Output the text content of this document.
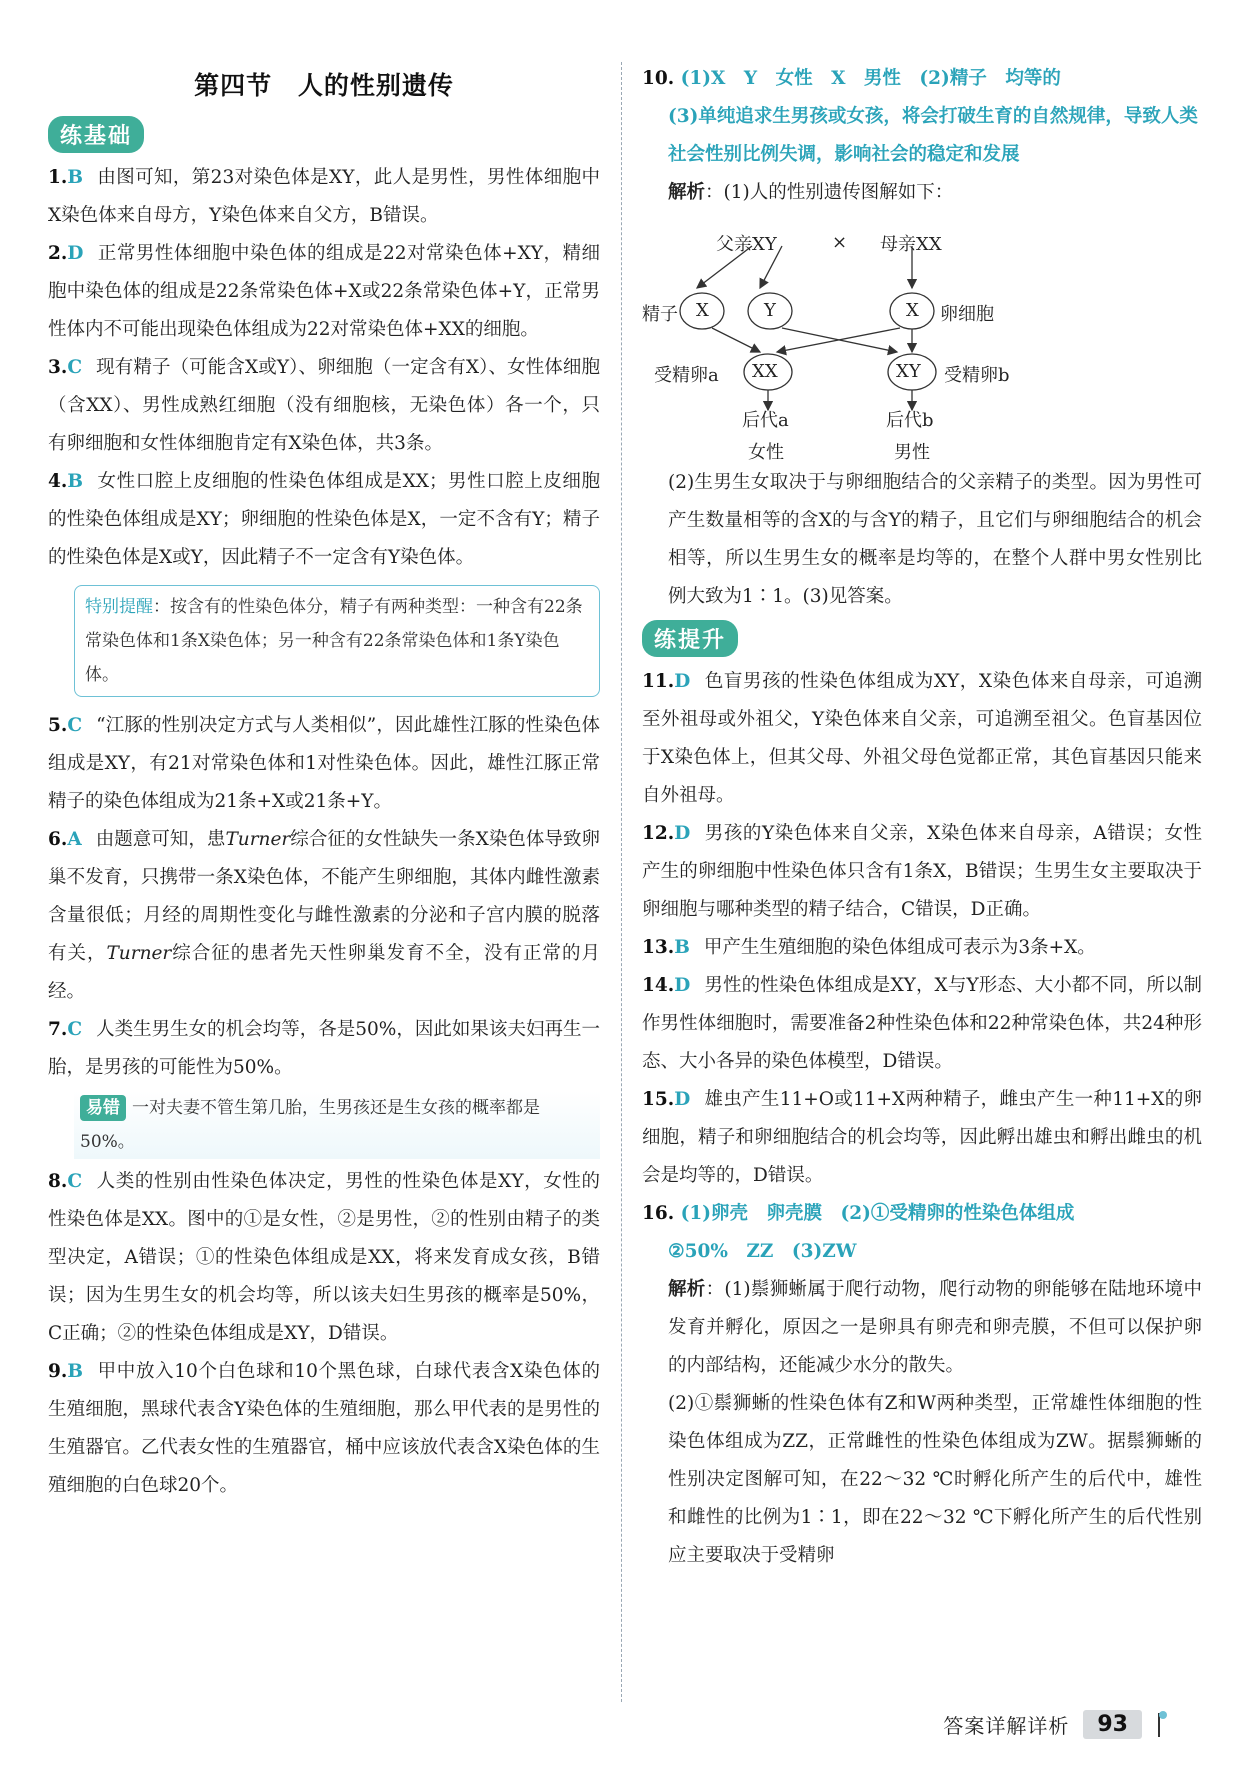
第四节 人的性别遗传
练基础
1.B 由图可知，第23对染色体是XY，此人是男性，男性体细胞中X染色体来自母方，Y染色体来自父方，B错误。
2.D 正常男性体细胞中染色体的组成是22对常染色体+XY，精细胞中染色体的组成是22条常染色体+X或22条常染色体+Y，正常男性体内不可能出现染色体组成为22对常染色体+XX的细胞。
3.C 现有精子（可能含X或Y）、卵细胞（一定含有X）、女性体细胞（含XX）、男性成熟红细胞（没有细胞核，无染色体）各一个，只有卵细胞和女性体细胞肯定有X染色体，共3条。
4.B 女性口腔上皮细胞的性染色体组成是XX；男性口腔上皮细胞的性染色体组成是XY；卵细胞的性染色体是X，一定不含有Y；精子的性染色体是X或Y，因此精子不一定含有Y染色体。
特别提醒：按含有的性染色体分，精子有两种类型：一种含有22条常染色体和1条X染色体；另一种含有22条常染色体和1条Y染色体。
5.C “江豚的性别决定方式与人类相似”，因此雄性江豚的性染色体组成是XY，有21对常染色体和1对性染色体。因此，雄性江豚正常精子的染色体组成为21条+X或21条+Y。
6.A 由题意可知，患Turner综合征的女性缺失一条X染色体导致卵巢不发育，只携带一条X染色体，不能产生卵细胞，其体内雌性激素含量很低；月经的周期性变化与雌性激素的分泌和子宫内膜的脱落有关，Turner综合征的患者先天性卵巢发育不全，没有正常的月经。
7.C 人类生男生女的机会均等，各是50%，因此如果该夫妇再生一胎，是男孩的可能性为50%。
易错 一对夫妻不管生第几胎，生男孩还是生女孩的概率都是50%。
8.C 人类的性别由性染色体决定，男性的性染色体是XY，女性的性染色体是XX。图中的①是女性，②是男性，②的性别由精子的类型决定，A错误；①的性染色体组成是XX，将来发育成女孩，B错误；因为生男生女的机会均等，所以该夫妇生男孩的概率是50%，C正确；②的性染色体组成是XY，D错误。
9.B 甲中放入10个白色球和10个黑色球，白球代表含X染色体的生殖细胞，黑球代表含Y染色体的生殖细胞，那么甲代表的是男性的生殖器官。乙代表女性的生殖器官，桶中应该放代表含X染色体的生殖细胞的白色球20个。
10. (1)X　Y　女性　X　男性　(2)精子　均等的
(3)单纯追求生男孩或女孩，将会打破生育的自然规律，导致人类社会性别比例失调，影响社会的稳定和发展
解析：(1)人的性别遗传图解如下：
父亲XY	× 母亲XX
精子 X	Y	X 卵细胞
受精卵a XX	XY 受精卵b
后代a	后代b
女性	男性
(2)生男生女取决于与卵细胞结合的父亲精子的类型。因为男性可产生数量相等的含X的与含Y的精子，且它们与卵细胞结合的机会相等，所以生男生女的概率是均等的，在整个人群中男女性别比例大致为1∶1。(3)见答案。
练提升
11.D 色盲男孩的性染色体组成为XY，X染色体来自母亲，可追溯至外祖母或外祖父，Y染色体来自父亲，可追溯至祖父。色盲基因位于X染色体上，但其父母、外祖父母色觉都正常，其色盲基因只能来自外祖母。
12.D 男孩的Y染色体来自父亲，X染色体来自母亲，A错误；女性产生的卵细胞中性染色体只含有1条X，B错误；生男生女主要取决于卵细胞与哪种类型的精子结合，C错误，D正确。
13.B 甲产生生殖细胞的染色体组成可表示为3条+X。
14.D 男性的性染色体组成是XY，X与Y形态、大小都不同，所以制作男性体细胞时，需要准备2种性染色体和22种常染色体，共24种形态、大小各异的染色体模型，D错误。
15.D 雄虫产生11+O或11+X两种精子，雌虫产生一种11+X的卵细胞，精子和卵细胞结合的机会均等，因此孵出雄虫和孵出雌虫的机会是均等的，D错误。
16. (1)卵壳　卵壳膜　(2)①受精卵的性染色体组成
②50%　ZZ　(3)ZW
解析：(1)鬃狮蜥属于爬行动物，爬行动物的卵能够在陆地环境中发育并孵化，原因之一是卵具有卵壳和卵壳膜，不但可以保护卵的内部结构，还能减少水分的散失。
(2)①鬃狮蜥的性染色体有Z和W两种类型，正常雄性体细胞的性染色体组成为ZZ，正常雌性的性染色体组成为ZW。据鬃狮蜥的性别决定图解可知，在22～32 ℃时孵化所产生的后代中，雄性和雌性的比例为1∶1，即在22～32 ℃下孵化所产生的后代性别应主要取决于受精卵
答案详解详析	93
